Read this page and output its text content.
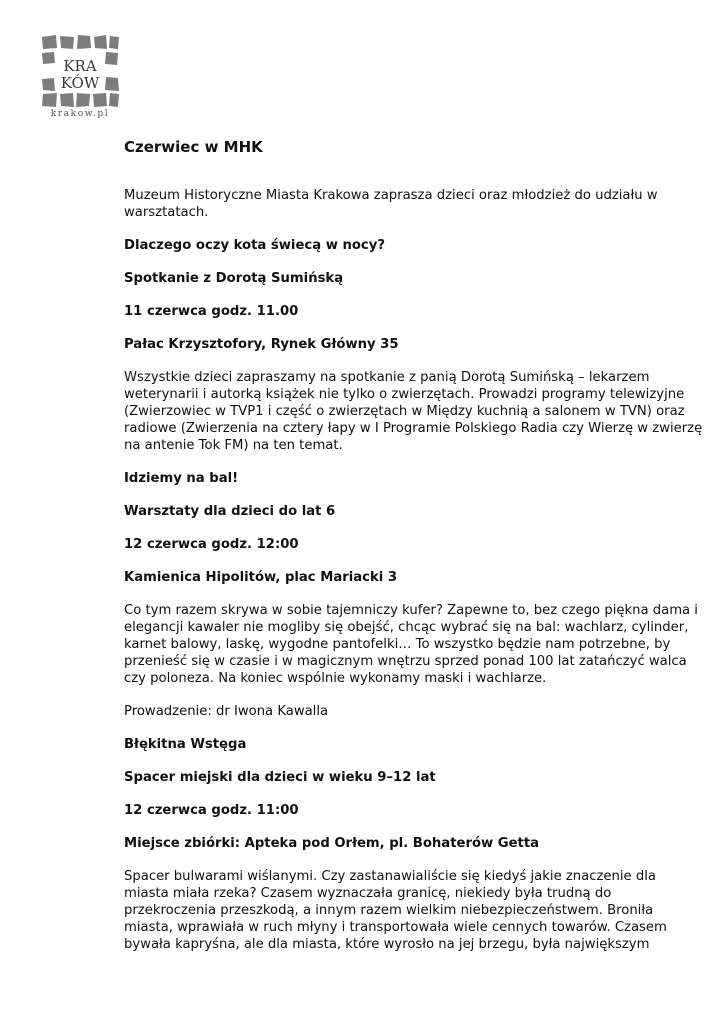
KRA
KÓW
krakow.pl
Czerwiec w MHK

Muzeum Historyczne Miasta Krakowa zaprasza dzieci oraz młodzież do udziału w warsztatach.

Dlaczego oczy kota świecą w nocy?

Spotkanie z Dorotą Sumińską

11 czerwca godz. 11.00

Pałac Krzysztofory, Rynek Główny 35

Wszystkie dzieci zapraszamy na spotkanie z panią Dorotą Sumińską – lekarzem weterynarii i autorką książek nie tylko o zwierzętach. Prowadzi programy telewizyjne (Zwierzowiec w TVP1 i część o zwierzętach w Między kuchnią a salonem w TVN) oraz radiowe (Zwierzenia na cztery łapy w I Programie Polskiego Radia czy Wierzę w zwierzę na antenie Tok FM) na ten temat.

Idziemy na bal!

Warsztaty dla dzieci do lat 6

12 czerwca godz. 12:00

Kamienica Hipolitów, plac Mariacki 3

Co tym razem skrywa w sobie tajemniczy kufer? Zapewne to, bez czego piękna dama i elegancji kawaler nie mogliby się obejść, chcąc wybrać się na bal: wachlarz, cylinder, karnet balowy, laskę, wygodne pantofelki… To wszystko będzie nam potrzebne, by przenieść się w czasie i w magicznym wnętrzu sprzed ponad 100 lat zatańczyć walca czy poloneza. Na koniec wspólnie wykonamy maski i wachlarze.

Prowadzenie: dr Iwona Kawalla

Błękitna Wstęga

Spacer miejski dla dzieci w wieku 9–12 lat

12 czerwca godz. 11:00

Miejsce zbiórki: Apteka pod Orłem, pl. Bohaterów Getta

Spacer bulwarami wiślanymi. Czy zastanawialiście się kiedyś jakie znaczenie dla miasta miała rzeka? Czasem wyznaczała granicę, niekiedy była trudną do przekroczenia przeszkodą, a innym razem wielkim niebezpieczeństwem. Broniła miasta, wprawiała w ruch młyny i transportowała wiele cennych towarów. Czasem bywała kapryśna, ale dla miasta, które wyrosło na jej brzegu, była największym
